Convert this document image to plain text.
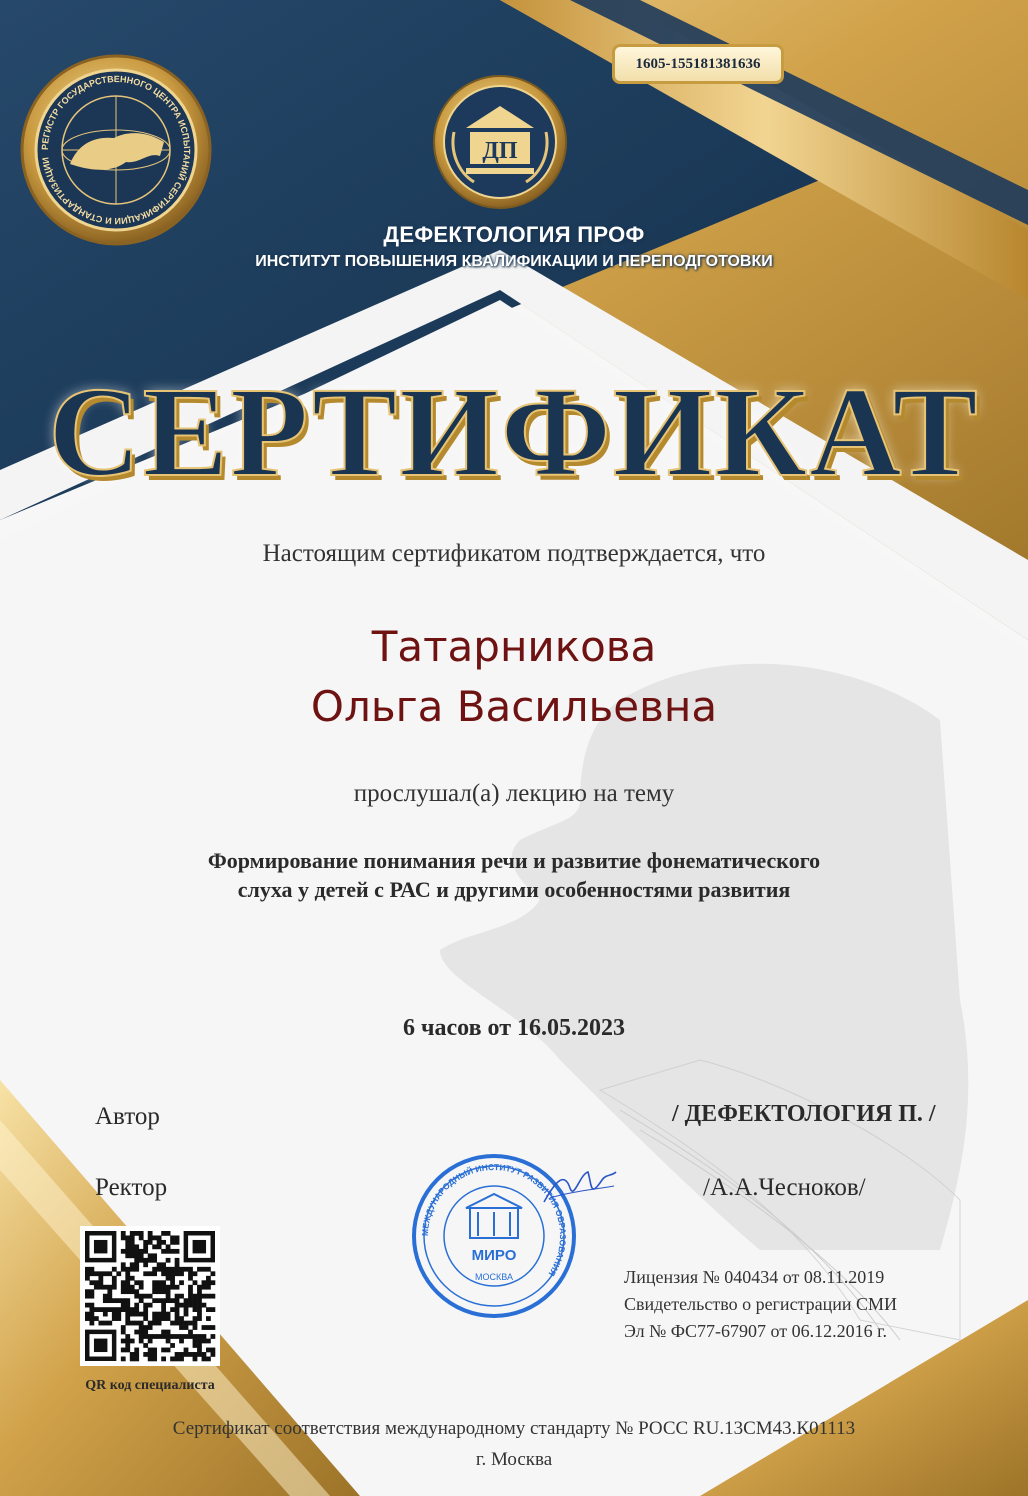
РЕГИСТР ГОСУДАРСТВЕННОГО ЦЕНТРА ИСПЫТАНИЙ СЕРТИФИКАЦИИ И СТАНДАРТИЗАЦИИ	ДП
1605-155181381636
ДЕФЕКТОЛОГИЯ ПРОФ
ИНСТИТУТ ПОВЫШЕНИЯ КВАЛИФИКАЦИИ И ПЕРЕПОДГОТОВКИ
СЕРТИФИКАТ
Настоящим сертификатом подтверждается, что
Татарникова
Ольга Васильевна
прослушал(а) лекцию на тему
Формирование понимания речи и развитие фонематического
слуха у детей с РАС и другими особенностями развития
6 часов от 16.05.2023
Автор	/ ДЕФЕКТОЛОГИЯ П. /
Ректор	/А.А.Чесноков/
МЕЖДУНАРОДНЫЙ ИНСТИТУТ РАЗВИТИЯ ОБРАЗОВАНИЯ
МИРО
МОСКВА	Лицензия № 040434 от 08.11.2019
Свидетельство о регистрации СМИ
Эл № ФС77-67907 от 06.12.2016 г.
QR код специалиста
Сертификат соответствия международному стандарту № РОСС RU.13СМ43.К01113
г. Москва
